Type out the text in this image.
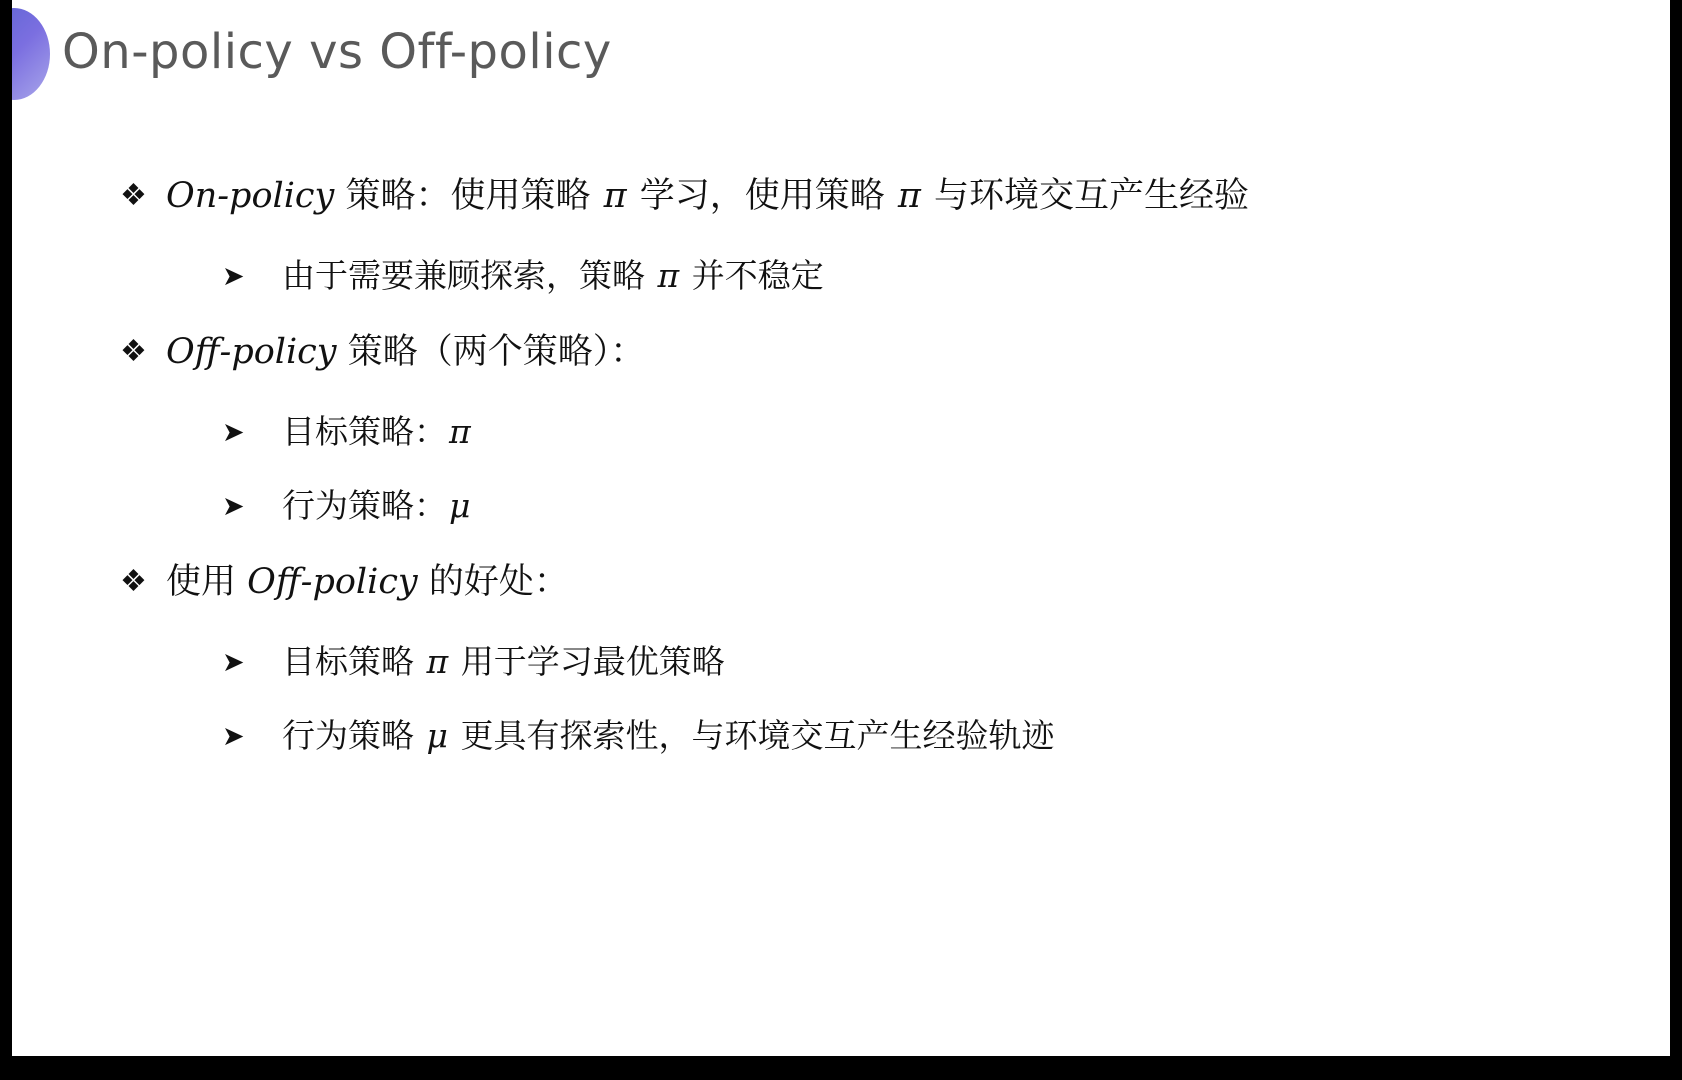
On-policy vs Off-policy
❖ On-policy 策略：使用策略 π 学习，使用策略 π 与环境交互产生经验
➤	由于需要兼顾探索，策略 π 并不稳定
❖ Off-policy 策略（两个策略）：
➤	目标策略：π
➤	行为策略：μ
❖ 使用 Off-policy 的好处：
➤	目标策略 π 用于学习最优策略
➤	行为策略 μ 更具有探索性，与环境交互产生经验轨迹
